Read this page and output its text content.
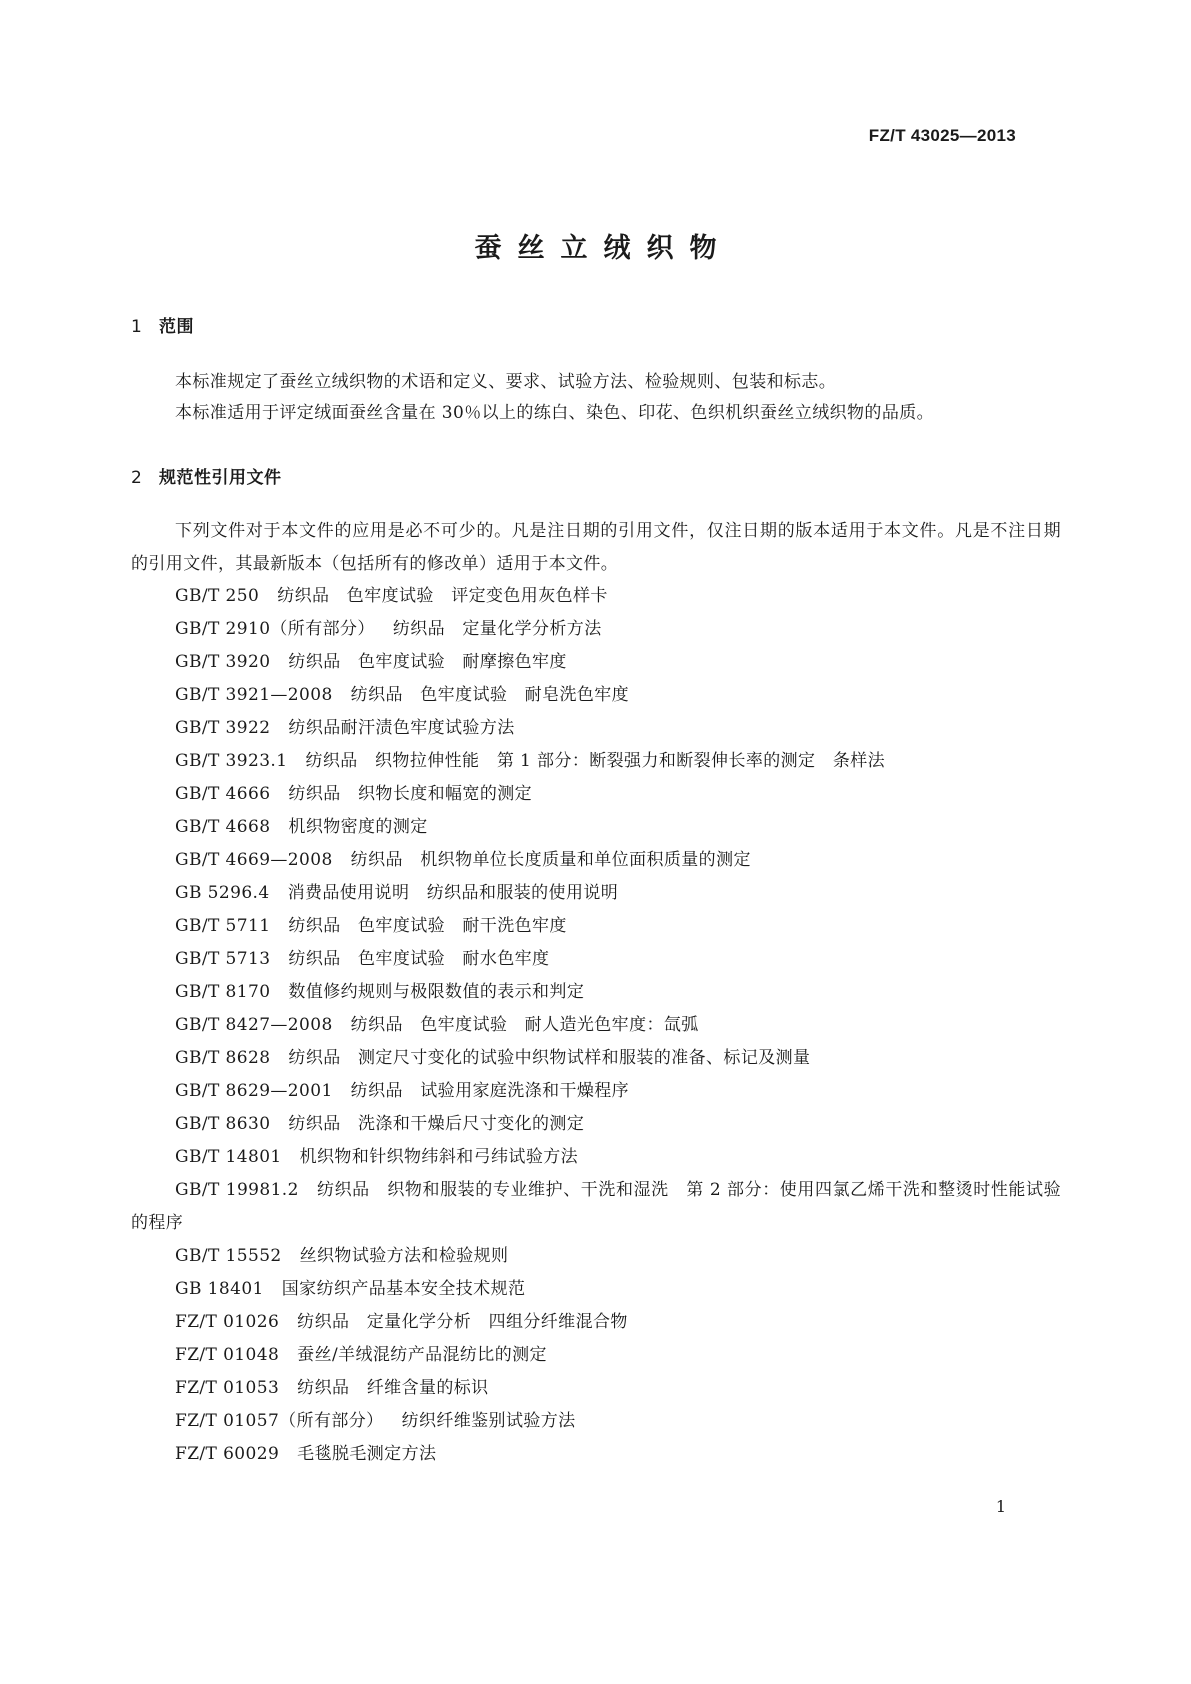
FZ/T 43025—2013
蚕丝立绒织物
1 范围
本标准规定了蚕丝立绒织物的术语和定义、要求、试验方法、检验规则、包装和标志。
本标准适用于评定绒面蚕丝含量在 30％以上的练白、染色、印花、色织机织蚕丝立绒织物的品质。
2 规范性引用文件
下列文件对于本文件的应用是必不可少的。凡是注日期的引用文件，仅注日期的版本适用于本文件。凡是不注日期的引用文件，其最新版本（包括所有的修改单）适用于本文件。
GB/T 250 纺织品　色牢度试验　评定变色用灰色样卡
GB/T 2910（所有部分） 纺织品　定量化学分析方法
GB/T 3920 纺织品　色牢度试验　耐摩擦色牢度
GB/T 3921—2008 纺织品　色牢度试验　耐皂洗色牢度
GB/T 3922 纺织品耐汗渍色牢度试验方法
GB/T 3923.1 纺织品　织物拉伸性能　第 1 部分：断裂强力和断裂伸长率的测定　条样法
GB/T 4666 纺织品　织物长度和幅宽的测定
GB/T 4668 机织物密度的测定
GB/T 4669—2008 纺织品　机织物单位长度质量和单位面积质量的测定
GB 5296.4 消费品使用说明　纺织品和服装的使用说明
GB/T 5711 纺织品　色牢度试验　耐干洗色牢度
GB/T 5713 纺织品　色牢度试验　耐水色牢度
GB/T 8170 数值修约规则与极限数值的表示和判定
GB/T 8427—2008 纺织品　色牢度试验　耐人造光色牢度：氙弧
GB/T 8628 纺织品　测定尺寸变化的试验中织物试样和服装的准备、标记及测量
GB/T 8629—2001 纺织品　试验用家庭洗涤和干燥程序
GB/T 8630 纺织品　洗涤和干燥后尺寸变化的测定
GB/T 14801 机织物和针织物纬斜和弓纬试验方法
GB/T 19981.2 纺织品　织物和服装的专业维护、干洗和湿洗　第 2 部分：使用四氯乙烯干洗和整烫时性能试验的程序
GB/T 15552 丝织物试验方法和检验规则
GB 18401 国家纺织产品基本安全技术规范
FZ/T 01026 纺织品　定量化学分析　四组分纤维混合物
FZ/T 01048 蚕丝/羊绒混纺产品混纺比的测定
FZ/T 01053 纺织品　纤维含量的标识
FZ/T 01057（所有部分） 纺织纤维鉴别试验方法
FZ/T 60029 毛毯脱毛测定方法
1
